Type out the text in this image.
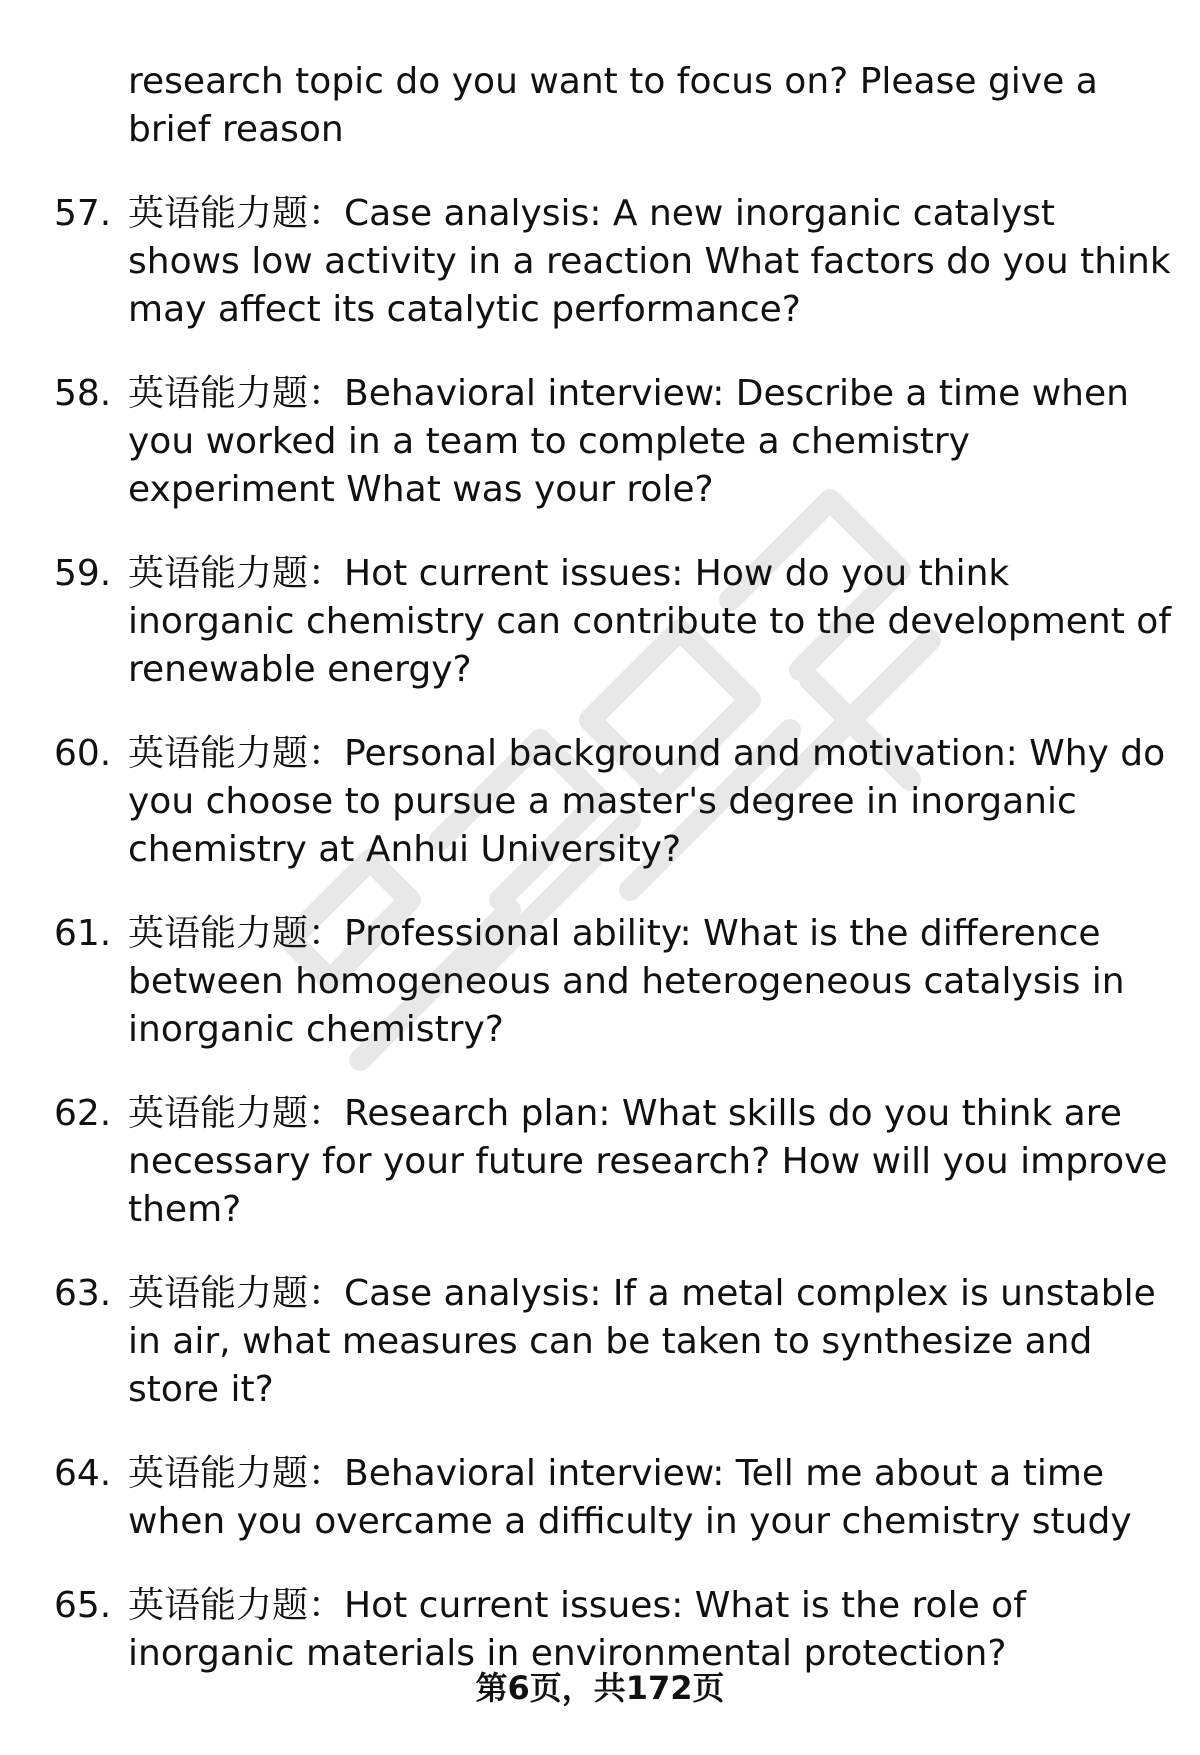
research topic do you want to focus on? Please give a brief reason

57. 英语能力题：Case analysis: A new inorganic catalyst shows low activity in a reaction What factors do you think may affect its catalytic performance?
58. 英语能力题：Behavioral interview: Describe a time when you worked in a team to complete a chemistry experiment What was your role?
59. 英语能力题：Hot current issues: How do you think inorganic chemistry can contribute to the development of renewable energy?
60. 英语能力题：Personal background and motivation: Why do you choose to pursue a master's degree in inorganic chemistry at Anhui University?
61. 英语能力题：Professional ability: What is the difference between homogeneous and heterogeneous catalysis in inorganic chemistry?
62. 英语能力题：Research plan: What skills do you think are necessary for your future research? How will you improve them?
63. 英语能力题：Case analysis: If a metal complex is unstable in air, what measures can be taken to synthesize and store it?
64. 英语能力题：Behavioral interview: Tell me about a time when you overcame a difficulty in your chemistry study
65. 英语能力题：Hot current issues: What is the role of inorganic materials in environmental protection?
第6页，共172页
